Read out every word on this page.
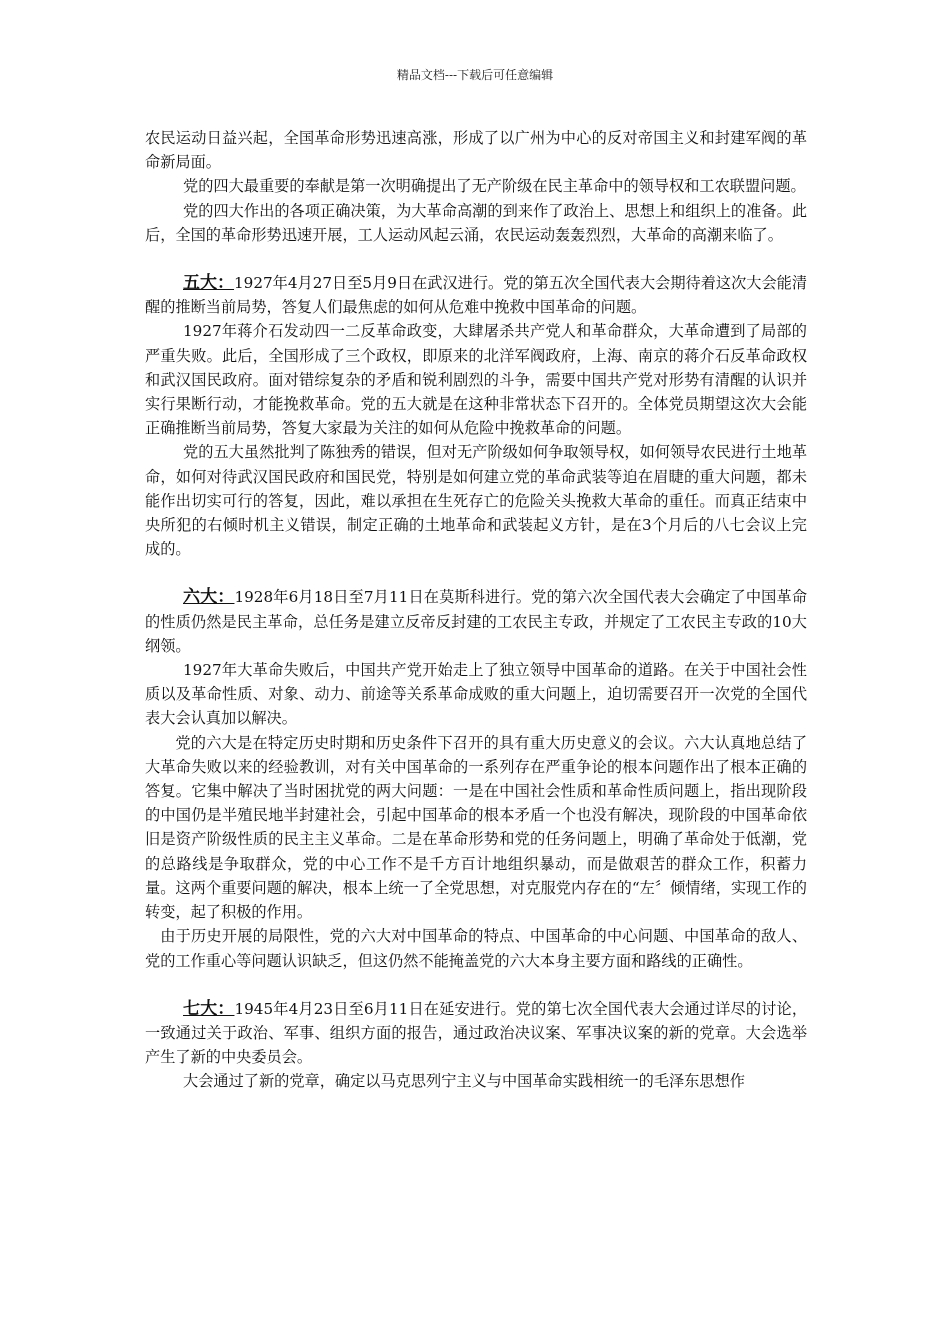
精品文档---下载后可任意编辑

农民运动日益兴起，全国革命形势迅速高涨，形成了以广州为中心的反对帝国主义和封建军阀的革命新局面。

党的四大最重要的奉献是第一次明确提出了无产阶级在民主革命中的领导权和工农联盟问题。

党的四大作出的各项正确决策，为大革命高潮的到来作了政治上、思想上和组织上的准备。此后，全国的革命形势迅速开展，工人运动风起云涌，农民运动轰轰烈烈，大革命的高潮来临了。

五大：1927年4月27日至5月9日在武汉进行。党的第五次全国代表大会期待着这次大会能清醒的推断当前局势，答复人们最焦虑的如何从危难中挽救中国革命的问题。

1927年蒋介石发动四一二反革命政变，大肆屠杀共产党人和革命群众，大革命遭到了局部的严重失败。此后，全国形成了三个政权，即原来的北洋军阀政府，上海、南京的蒋介石反革命政权和武汉国民政府。面对错综复杂的矛盾和锐利剧烈的斗争，需要中国共产党对形势有清醒的认识并实行果断行动，才能挽救革命。党的五大就是在这种非常状态下召开的。全体党员期望这次大会能正确推断当前局势，答复大家最为关注的如何从危险中挽救革命的问题。

党的五大虽然批判了陈独秀的错误，但对无产阶级如何争取领导权，如何领导农民进行土地革命，如何对待武汉国民政府和国民党，特别是如何建立党的革命武装等迫在眉睫的重大问题，都未能作出切实可行的答复，因此，难以承担在生死存亡的危险关头挽救大革命的重任。而真正结束中央所犯的右倾时机主义错误，制定正确的土地革命和武装起义方针，是在3个月后的八七会议上完成的。

六大：1928年6月18日至7月11日在莫斯科进行。党的第六次全国代表大会确定了中国革命的性质仍然是民主革命，总任务是建立反帝反封建的工农民主专政，并规定了工农民主专政的10大纲领。

1927年大革命失败后，中国共产党开始走上了独立领导中国革命的道路。在关于中国社会性质以及革命性质、对象、动力、前途等关系革命成败的重大问题上，迫切需要召开一次党的全国代表大会认真加以解决。

党的六大是在特定历史时期和历史条件下召开的具有重大历史意义的会议。六大认真地总结了大革命失败以来的经验教训，对有关中国革命的一系列存在严重争论的根本问题作出了根本正确的答复。它集中解决了当时困扰党的两大问题：一是在中国社会性质和革命性质问题上，指出现阶段的中国仍是半殖民地半封建社会，引起中国革命的根本矛盾一个也没有解决，现阶段的中国革命依旧是资产阶级性质的民主主义革命。二是在革命形势和党的任务问题上，明确了革命处于低潮，党的总路线是争取群众，党的中心工作不是千方百计地组织暴动，而是做艰苦的群众工作，积蓄力量。这两个重要问题的解决，根本上统一了全党思想，对克服党内存在的“左〞倾情绪，实现工作的转变，起了积极的作用。

由于历史开展的局限性，党的六大对中国革命的特点、中国革命的中心问题、中国革命的敌人、党的工作重心等问题认识缺乏，但这仍然不能掩盖党的六大本身主要方面和路线的正确性。

七大：1945年4月23日至6月11日在延安进行。党的第七次全国代表大会通过详尽的讨论，一致通过关于政治、军事、组织方面的报告，通过政治决议案、军事决议案的新的党章。大会选举产生了新的中央委员会。

大会通过了新的党章，确定以马克思列宁主义与中国革命实践相统一的毛泽东思想作
